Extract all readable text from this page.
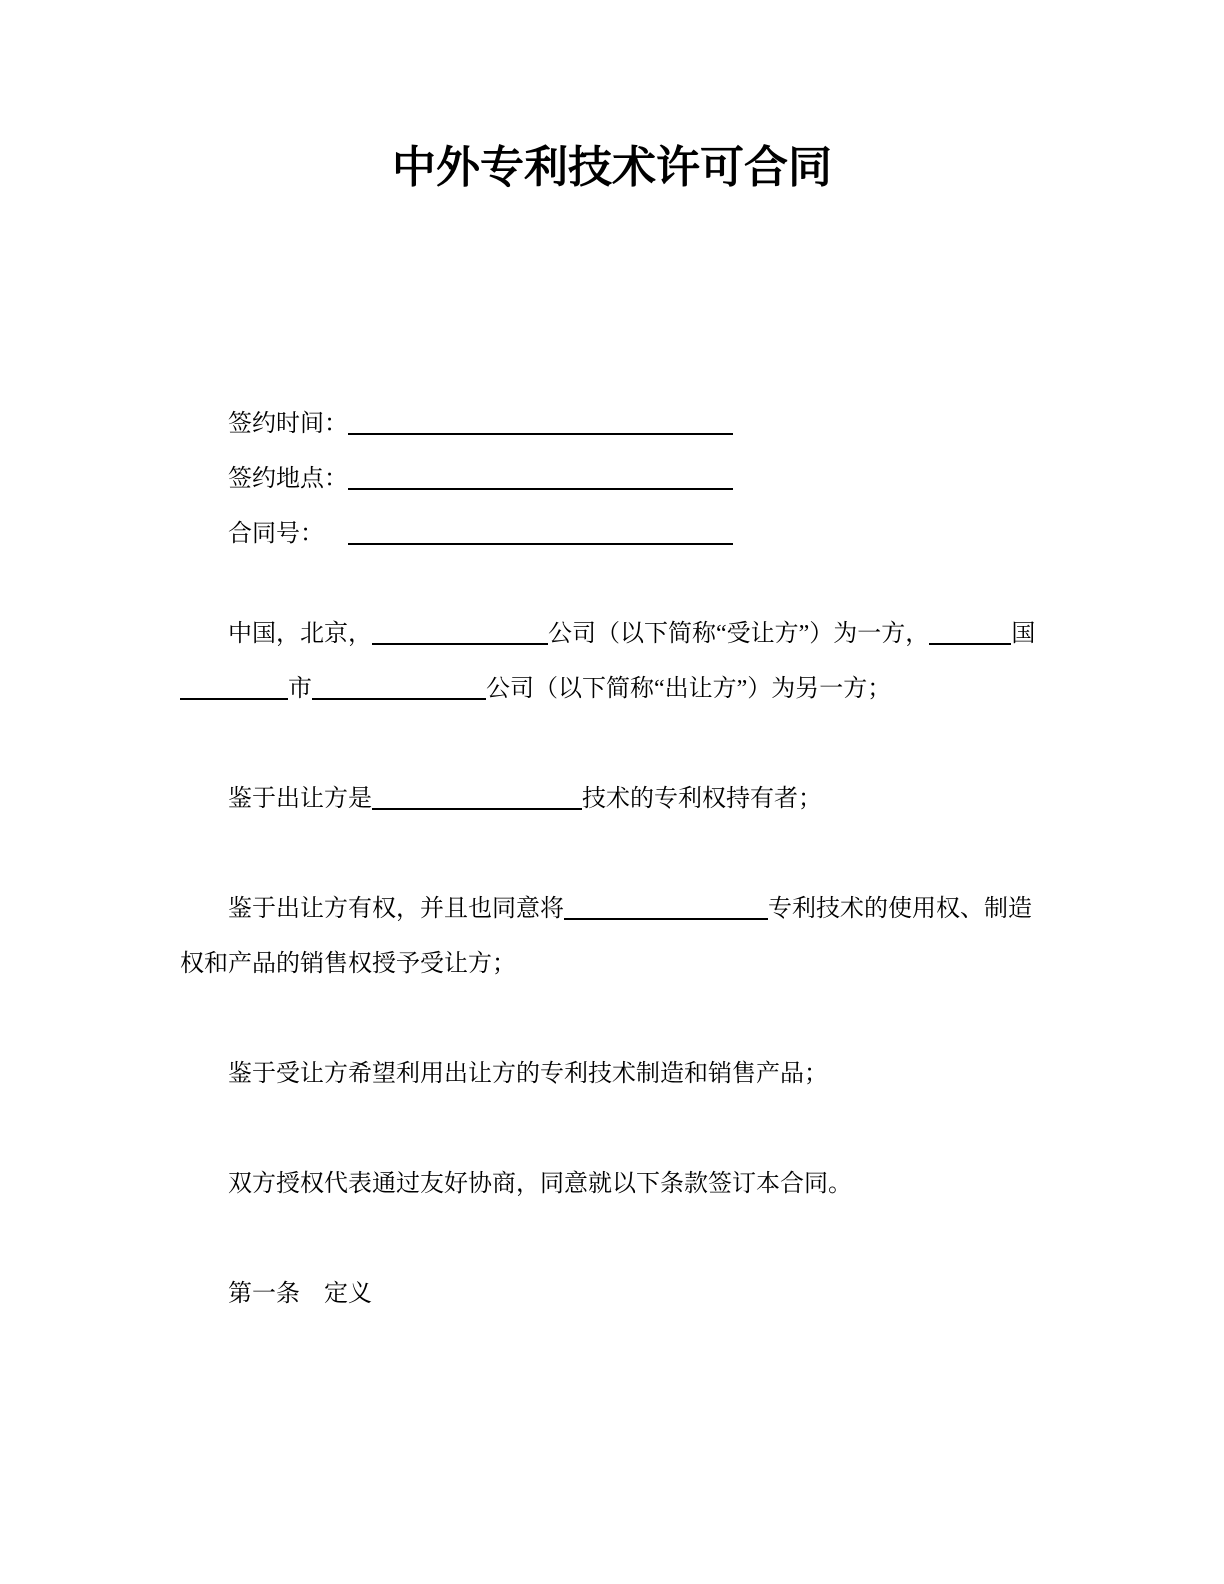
中外专利技术许可合同
签约时间：
签约地点：
合同号：

中国，北京，	公司（以下简称“受让方”）为一方，	国市	公司（以下简称“出让方”）为另一方；

鉴于出让方是	技术的专利权持有者；

鉴于出让方有权，并且也同意将	专利技术的使用权、制造权和产品的销售权授予受让方；

鉴于受让方希望利用出让方的专利技术制造和销售产品；

双方授权代表通过友好协商，同意就以下条款签订本合同。

第一条　定义
